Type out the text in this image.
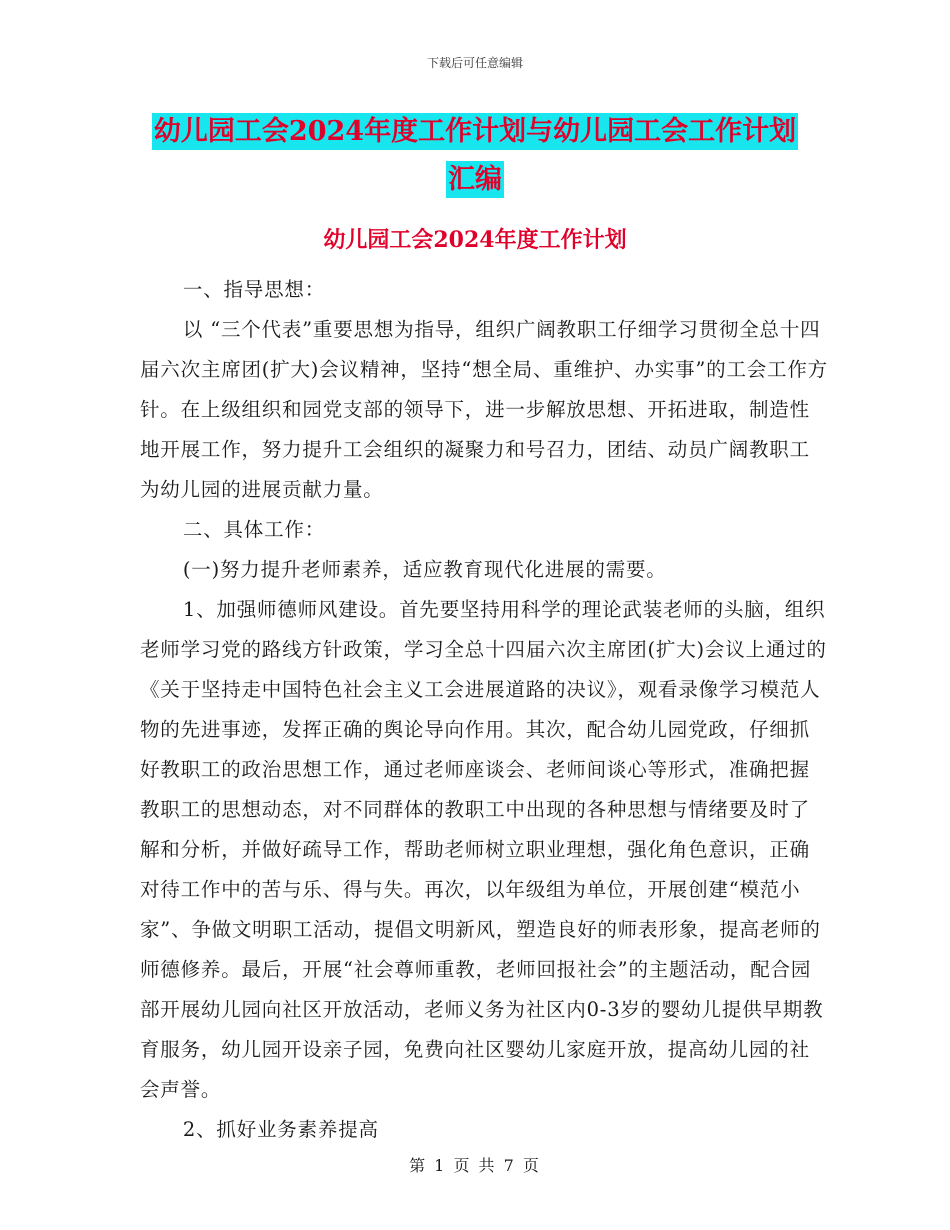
下载后可任意编辑
幼儿园工会2024年度工作计划与幼儿园工会工作计划
汇编
幼儿园工会2024年度工作计划

一、指导思想：

以 “三个代表”重要思想为指导，组织广阔教职工仔细学习贯彻全总十四届六次主席团(扩大)会议精神，坚持“想全局、重维护、办实事”的工会工作方针。在上级组织和园党支部的领导下，进一步解放思想、开拓进取，制造性地开展工作，努力提升工会组织的凝聚力和号召力，团结、动员广阔教职工为幼儿园的进展贡献力量。

二、具体工作：

(一)努力提升老师素养，适应教育现代化进展的需要。

1、加强师德师风建设。首先要坚持用科学的理论武装老师的头脑，组织老师学习党的路线方针政策，学习全总十四届六次主席团(扩大)会议上通过的《关于坚持走中国特色社会主义工会进展道路的决议》，观看录像学习模范人物的先进事迹，发挥正确的舆论导向作用。其次，配合幼儿园党政，仔细抓好教职工的政治思想工作，通过老师座谈会、老师间谈心等形式，准确把握教职工的思想动态，对不同群体的教职工中出现的各种思想与情绪要及时了解和分析，并做好疏导工作，帮助老师树立职业理想，强化角色意识，正确对待工作中的苦与乐、得与失。再次，以年级组为单位，开展创建“模范小家”、争做文明职工活动，提倡文明新风，塑造良好的师表形象，提高老师的师德修养。最后，开展“社会尊师重教，老师回报社会”的主题活动，配合园部开展幼儿园向社区开放活动，老师义务为社区内0-3岁的婴幼儿提供早期教育服务，幼儿园开设亲子园，免费向社区婴幼儿家庭开放，提高幼儿园的社会声誉。

2、抓好业务素养提高

第 1 页 共 7 页
